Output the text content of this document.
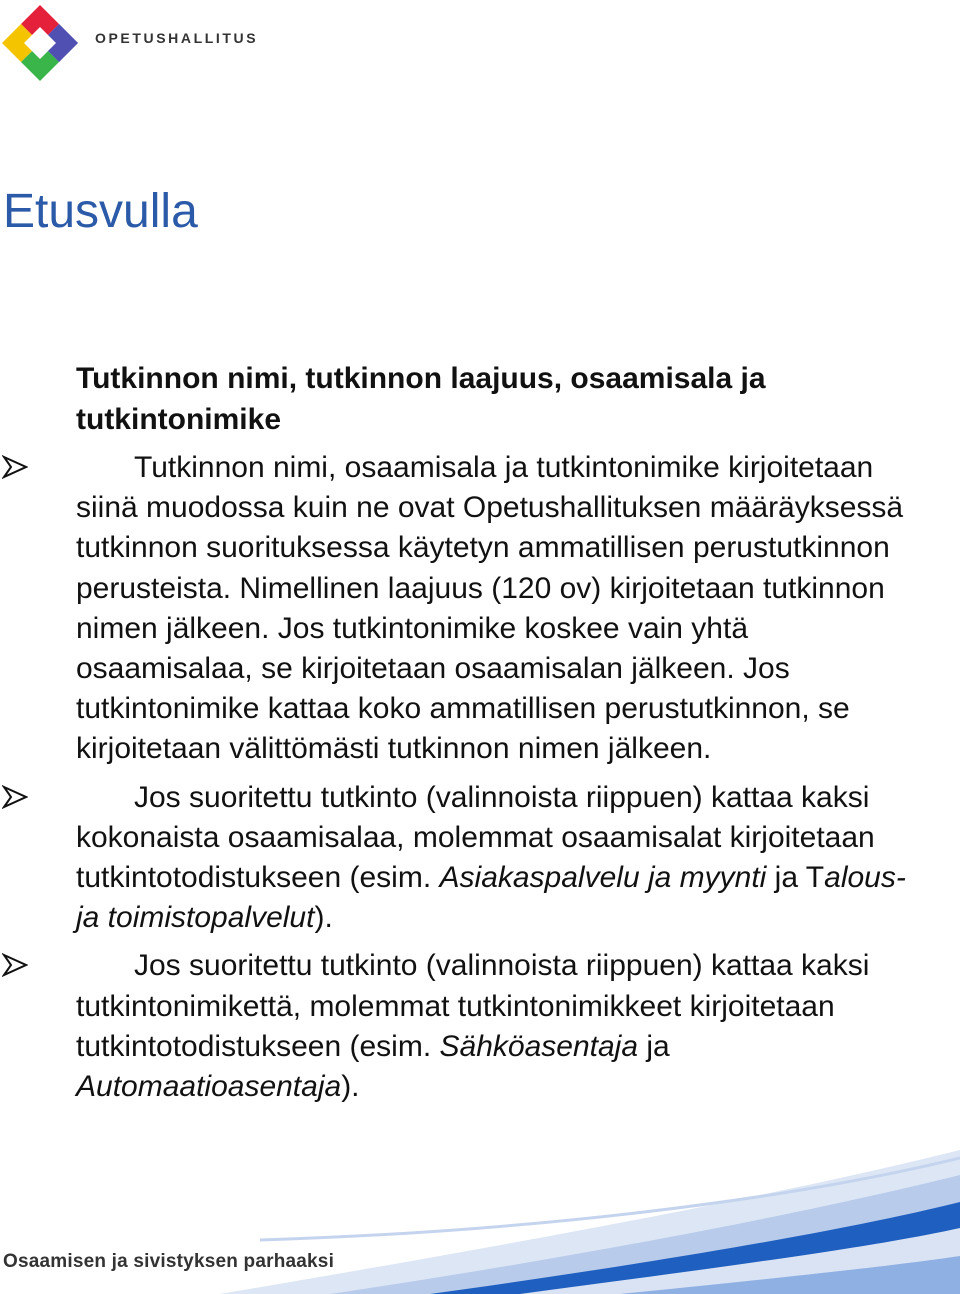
OPETUSHALLITUS
Etusvulla
Tutkinnon nimi, tutkinnon laajuus, osaamisala ja tutkintonimike

Tutkinnon nimi, osaamisala ja tutkintonimike kirjoitetaan siinä muodossa kuin ne ovat Opetushallituksen määräyksessä tutkinnon suorituksessa käytetyn ammatillisen perustutkinnon perusteista. Nimellinen laajuus (120 ov) kirjoitetaan tutkinnon nimen jälkeen. Jos tutkintonimike koskee vain yhtä osaamisalaa, se kirjoitetaan osaamisalan jälkeen. Jos tutkintonimike kattaa koko ammatillisen perustutkinnon, se kirjoitetaan välittömästi tutkinnon nimen jälkeen.

Jos suoritettu tutkinto (valinnoista riippuen) kattaa kaksi kokonaista osaamisalaa, molemmat osaamisalat kirjoitetaan tutkintotodistukseen (esim. Asiakaspalvelu ja myynti ja Talous- ja toimistopalvelut).

Jos suoritettu tutkinto (valinnoista riippuen) kattaa kaksi tutkintonimikettä, molemmat tutkintonimikkeet kirjoitetaan tutkintotodistukseen (esim. Sähköasentaja ja Automaatioasentaja).

Osaamisen ja sivistyksen parhaaksi
